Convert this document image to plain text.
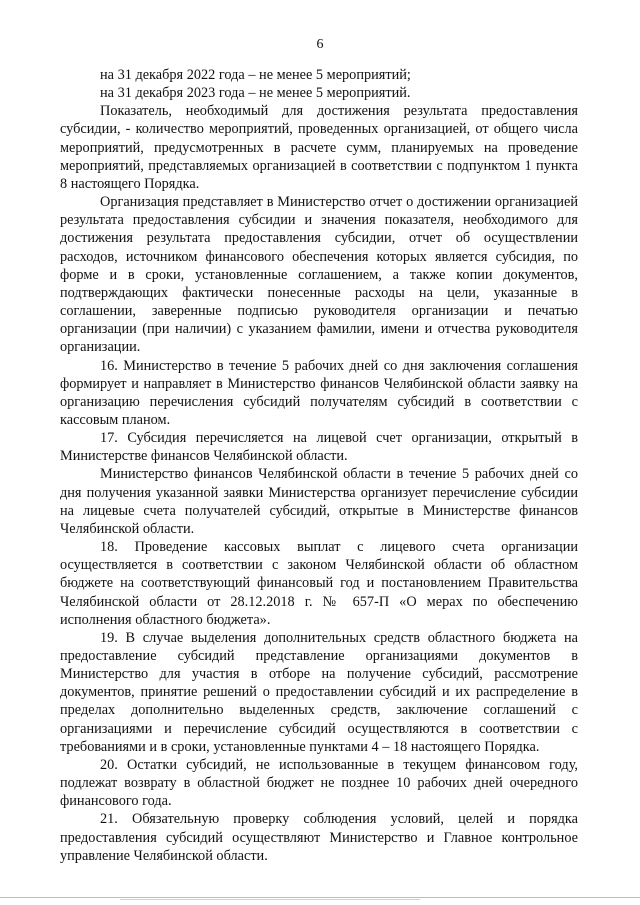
6

на 31 декабря 2022 года – не менее 5 мероприятий;

на 31 декабря 2023 года – не менее 5 мероприятий.

Показатель, необходимый для достижения результата предоставления субсидии, - количество мероприятий, проведенных организацией, от общего числа мероприятий, предусмотренных в расчете сумм, планируемых на проведение мероприятий, представляемых организацией в соответствии с подпунктом 1 пункта 8 настоящего Порядка.

Организация представляет в Министерство отчет о достижении организацией результата предоставления субсидии и значения показателя, необходимого для достижения результата предоставления субсидии, отчет об осуществлении расходов, источником финансового обеспечения которых является субсидия, по форме и в сроки, установленные соглашением, а также копии документов, подтверждающих фактически понесенные расходы на цели, указанные в соглашении, заверенные подписью руководителя организации и печатью организации (при наличии) с указанием фамилии, имени и отчества руководителя организации.

16. Министерство в течение 5 рабочих дней со дня заключения соглашения формирует и направляет в Министерство финансов Челябинской области заявку на организацию перечисления субсидий получателям субсидий в соответствии с кассовым планом.

17. Субсидия перечисляется на лицевой счет организации, открытый в Министерстве финансов Челябинской области.

Министерство финансов Челябинской области в течение 5 рабочих дней со дня получения указанной заявки Министерства организует перечисление субсидии на лицевые счета получателей субсидий, открытые в Министерстве финансов Челябинской области.

18. Проведение кассовых выплат с лицевого счета организации осуществляется в соответствии с законом Челябинской области об областном бюджете на соответствующий финансовый год и постановлением Правительства Челябинской области от 28.12.2018 г. № 657-П «О мерах по обеспечению исполнения областного бюджета».

19. В случае выделения дополнительных средств областного бюджета на предоставление субсидий представление организациями документов в Министерство для участия в отборе на получение субсидий, рассмотрение документов, принятие решений о предоставлении субсидий и их распределение в пределах дополнительно выделенных средств, заключение соглашений с организациями и перечисление субсидий осуществляются в соответствии с требованиями и в сроки, установленные пунктами 4 – 18 настоящего Порядка.

20. Остатки субсидий, не использованные в текущем финансовом году, подлежат возврату в областной бюджет не позднее 10 рабочих дней очередного финансового года.

21. Обязательную проверку соблюдения условий, целей и порядка предоставления субсидий осуществляют Министерство и Главное контрольное управление Челябинской области.
